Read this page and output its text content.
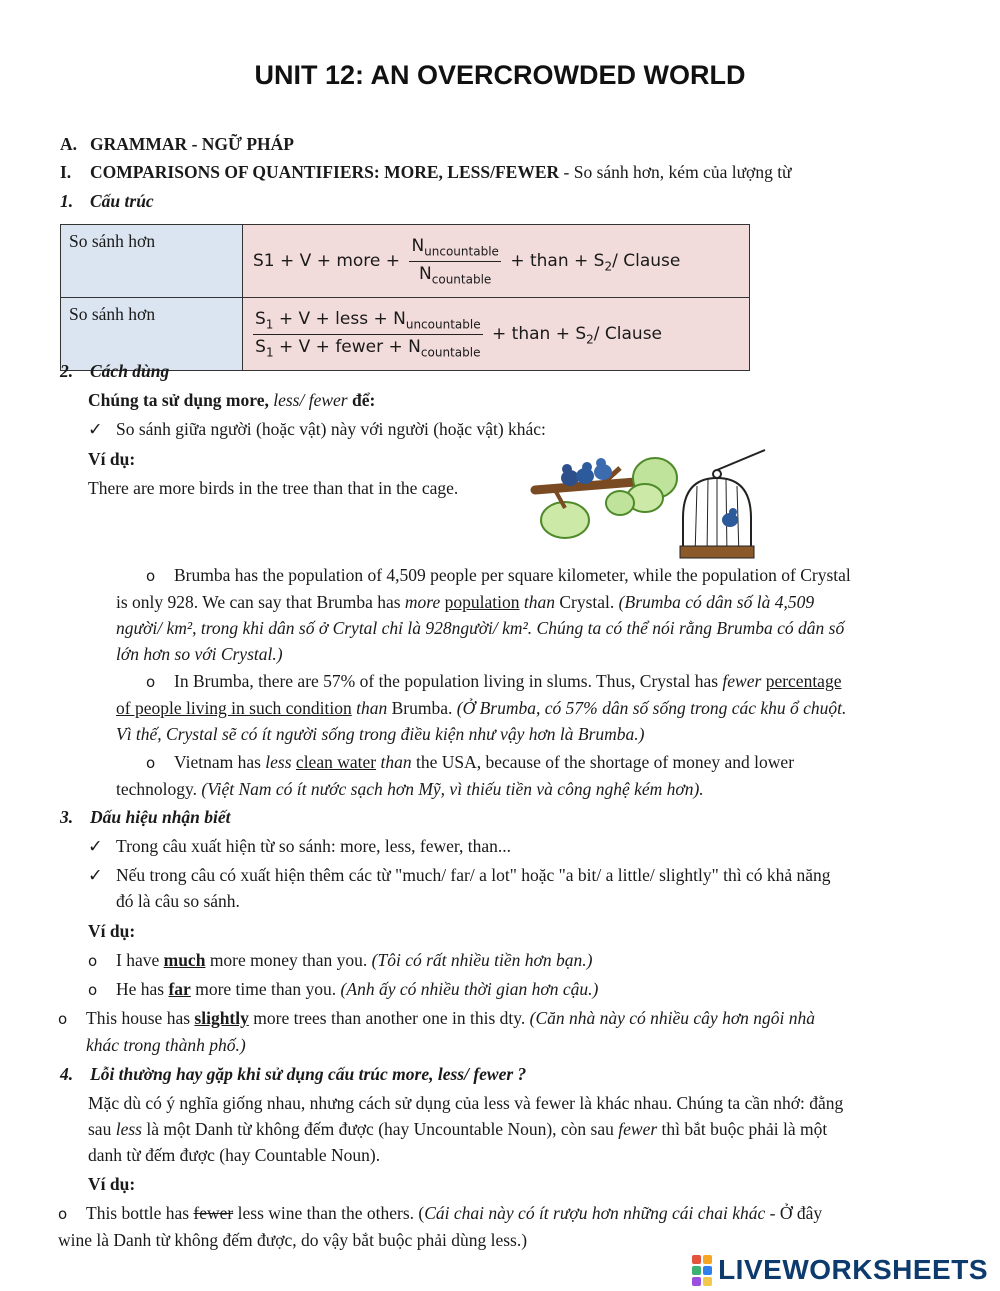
UNIT 12: AN OVERCROWDED WORLD
A. GRAMMAR - NGỮ PHÁP
I. COMPARISONS OF QUANTIFIERS: MORE, LESS/FEWER - So sánh hơn, kém của lượng từ
1. Cấu trúc
So sánh hơn	S1 + V + more + $\frac{N_{uncountable}}{N_{countable}}$ + than + $S_2/$ Clause
So sánh hơn	$\frac{S_1 + V + less + N_{uncountable}}{S_1 + V + fewer + N_{countable}}$ + than + $S_2/$ Clause
2. Cách dùng
Chúng ta sử dụng more, less/ fewer để:
✓ So sánh giữa người (hoặc vật) này với người (hoặc vật) khác:
Ví dụ:
There are more birds in the tree than that in the cage.
o Brumba has the population of 4,509 people per square kilometer, while the population of Crystal
is only 928. We can say that Brumba has more population than Crystal. (Brumba có dân số là 4,509
người/ km², trong khi dân số ở Crytal chỉ là 928người/ km². Chúng ta có thể nói rằng Brumba có dân số
lớn hơn so với Crystal.)
o In Brumba, there are 57% of the population living in slums. Thus, Crystal has fewer percentage
of people living in such condition than Brumba. (Ở Brumba, có 57% dân số sống trong các khu ổ chuột.
Vì thế, Crystal sẽ có ít người sống trong điều kiện như vậy hơn là Brumba.)
o Vietnam has less clean water than the USA, because of the shortage of money and lower
technology. (Việt Nam có ít nước sạch hơn Mỹ, vì thiếu tiền và công nghệ kém hơn).
3. Dấu hiệu nhận biết
✓ Trong câu xuất hiện từ so sánh: more, less, fewer, than...
✓ Nếu trong câu có xuất hiện thêm các từ "much/ far/ a lot" hoặc "a bit/ a little/ slightly" thì có khả năng
đó là câu so sánh.
Ví dụ:
o I have much more money than you. (Tôi có rất nhiều tiền hơn bạn.)
o He has far more time than you. (Anh ấy có nhiều thời gian hơn cậu.)
o This house has slightly more trees than another one in this dty. (Căn nhà này có nhiều cây hơn ngôi nhà
khác trong thành phố.)
4. Lỗi thường hay gặp khi sử dụng cấu trúc more, less/ fewer ?
Mặc dù có ý nghĩa giống nhau, nhưng cách sử dụng của less và fewer là khác nhau. Chúng ta cần nhớ: đằng
sau less là một Danh từ không đếm được (hay Uncountable Noun), còn sau fewer thì bắt buộc phải là một
danh từ đếm được (hay Countable Noun).
Ví dụ:
o This bottle has fewer less wine than the others. (Cái chai này có ít rượu hơn những cái chai khác - Ở đây
wine là Danh từ không đếm được, do vậy bắt buộc phải dùng less.)
LIVEWORKSHEETS
